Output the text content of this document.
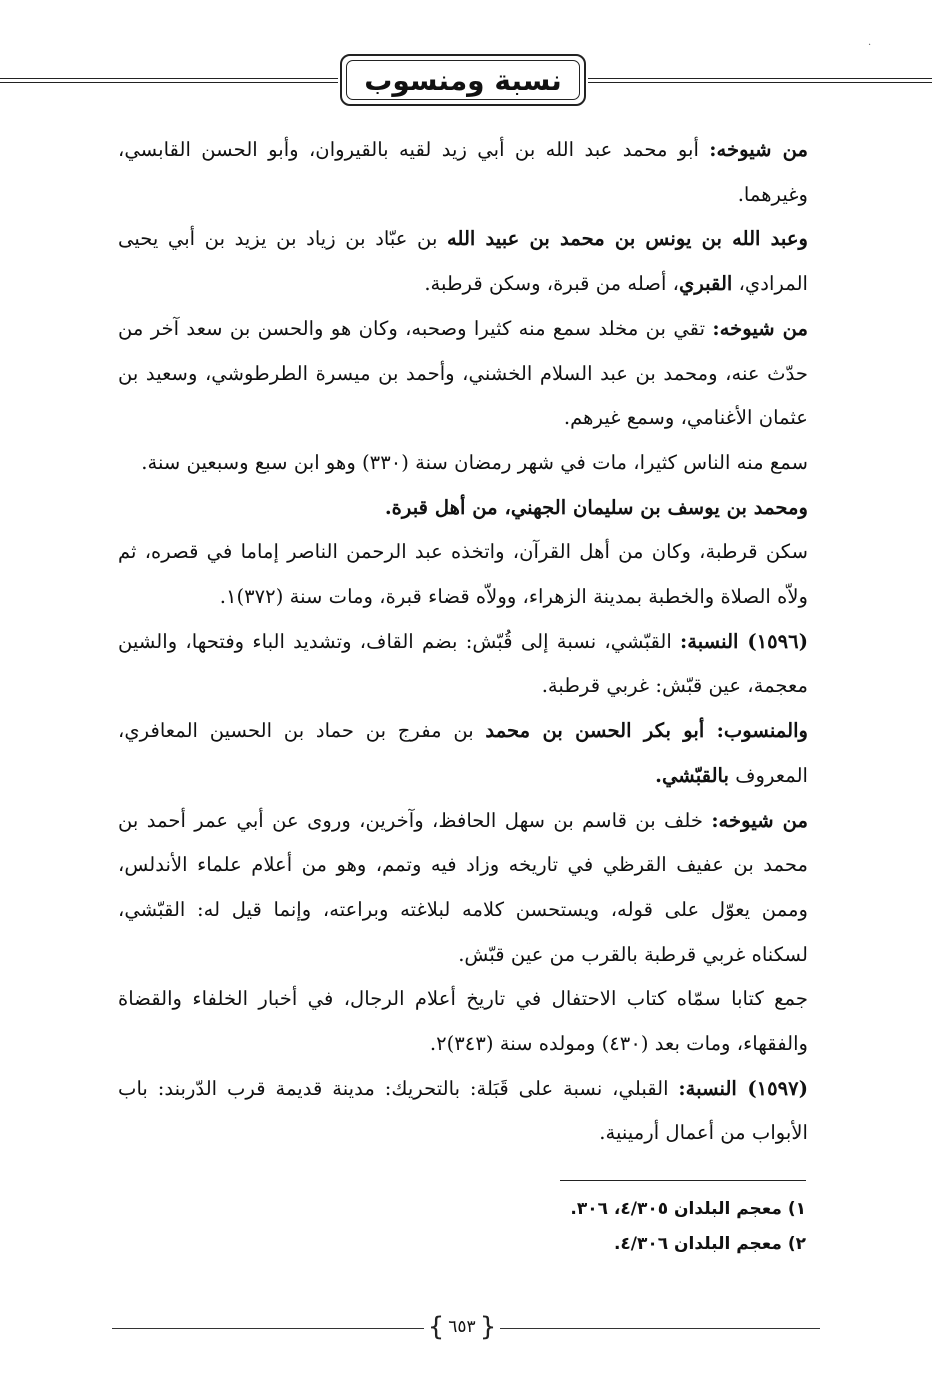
·
نسبة ومنسوب

من شيوخه: أبو محمد عبد الله بن أبي زيد لقيه بالقيروان، وأبو الحسن القابسي، وغيرهما.

وعبد الله بن يونس بن محمد بن عبيد الله بن عبّاد بن زياد بن يزيد بن أبي يحيى المرادي، القبري، أصله من قبرة، وسكن قرطبة.

من شيوخه: تقي بن مخلد سمع منه كثيرا وصحبه، وكان هو والحسن بن سعد آخر من حدّث عنه، ومحمد بن عبد السلام الخشني، وأحمد بن ميسرة الطرطوشي، وسعيد بن عثمان الأغنامي، وسمع غيرهم.

سمع منه الناس كثيرا، مات في شهر رمضان سنة (٣٣٠) وهو ابن سبع وسبعين سنة.

ومحمد بن يوسف بن سليمان الجهني، من أهل قبرة.

سكن قرطبة، وكان من أهل القرآن، واتخذه عبد الرحمن الناصر إماما في قصره، ثم ولاّه الصلاة والخطبة بمدينة الزهراء، وولاّه قضاء قبرة، ومات سنة (٣٧٢)١.

(١٥٩٦) النسبة: القبّشي، نسبة إلى قُبّش: بضم القاف، وتشديد الباء وفتحها، والشين معجمة، عين قبّش: غربي قرطبة.

والمنسوب: أبو بكر الحسن بن محمد بن مفرج بن حماد بن الحسين المعافري، المعروف بالقبّشي.

من شيوخه: خلف بن قاسم بن سهل الحافظ، وآخرين، وروى عن أبي عمر أحمد بن محمد بن عفيف القرظي في تاريخه وزاد فيه وتمم، وهو من أعلام علماء الأندلس، وممن يعوّل على قوله، ويستحسن كلامه لبلاغته وبراعته، وإنما قيل له: القبّشي، لسكناه غربي قرطبة بالقرب من عين قبّش.

جمع كتابا سمّاه كتاب الاحتفال في تاريخ أعلام الرجال، في أخبار الخلفاء والقضاة والفقهاء، ومات بعد (٤٣٠) ومولده سنة (٣٤٣)٢.

(١٥٩٧) النسبة: القبلي، نسبة على قَبَلة: بالتحريك: مدينة قديمة قرب الدّربند: باب الأبواب من أعمال أرمينية.

١) معجم البلدان ٤/٣٠٥، ٣٠٦.

٢) معجم البلدان ٤/٣٠٦.

{ ٦٥٣ }
